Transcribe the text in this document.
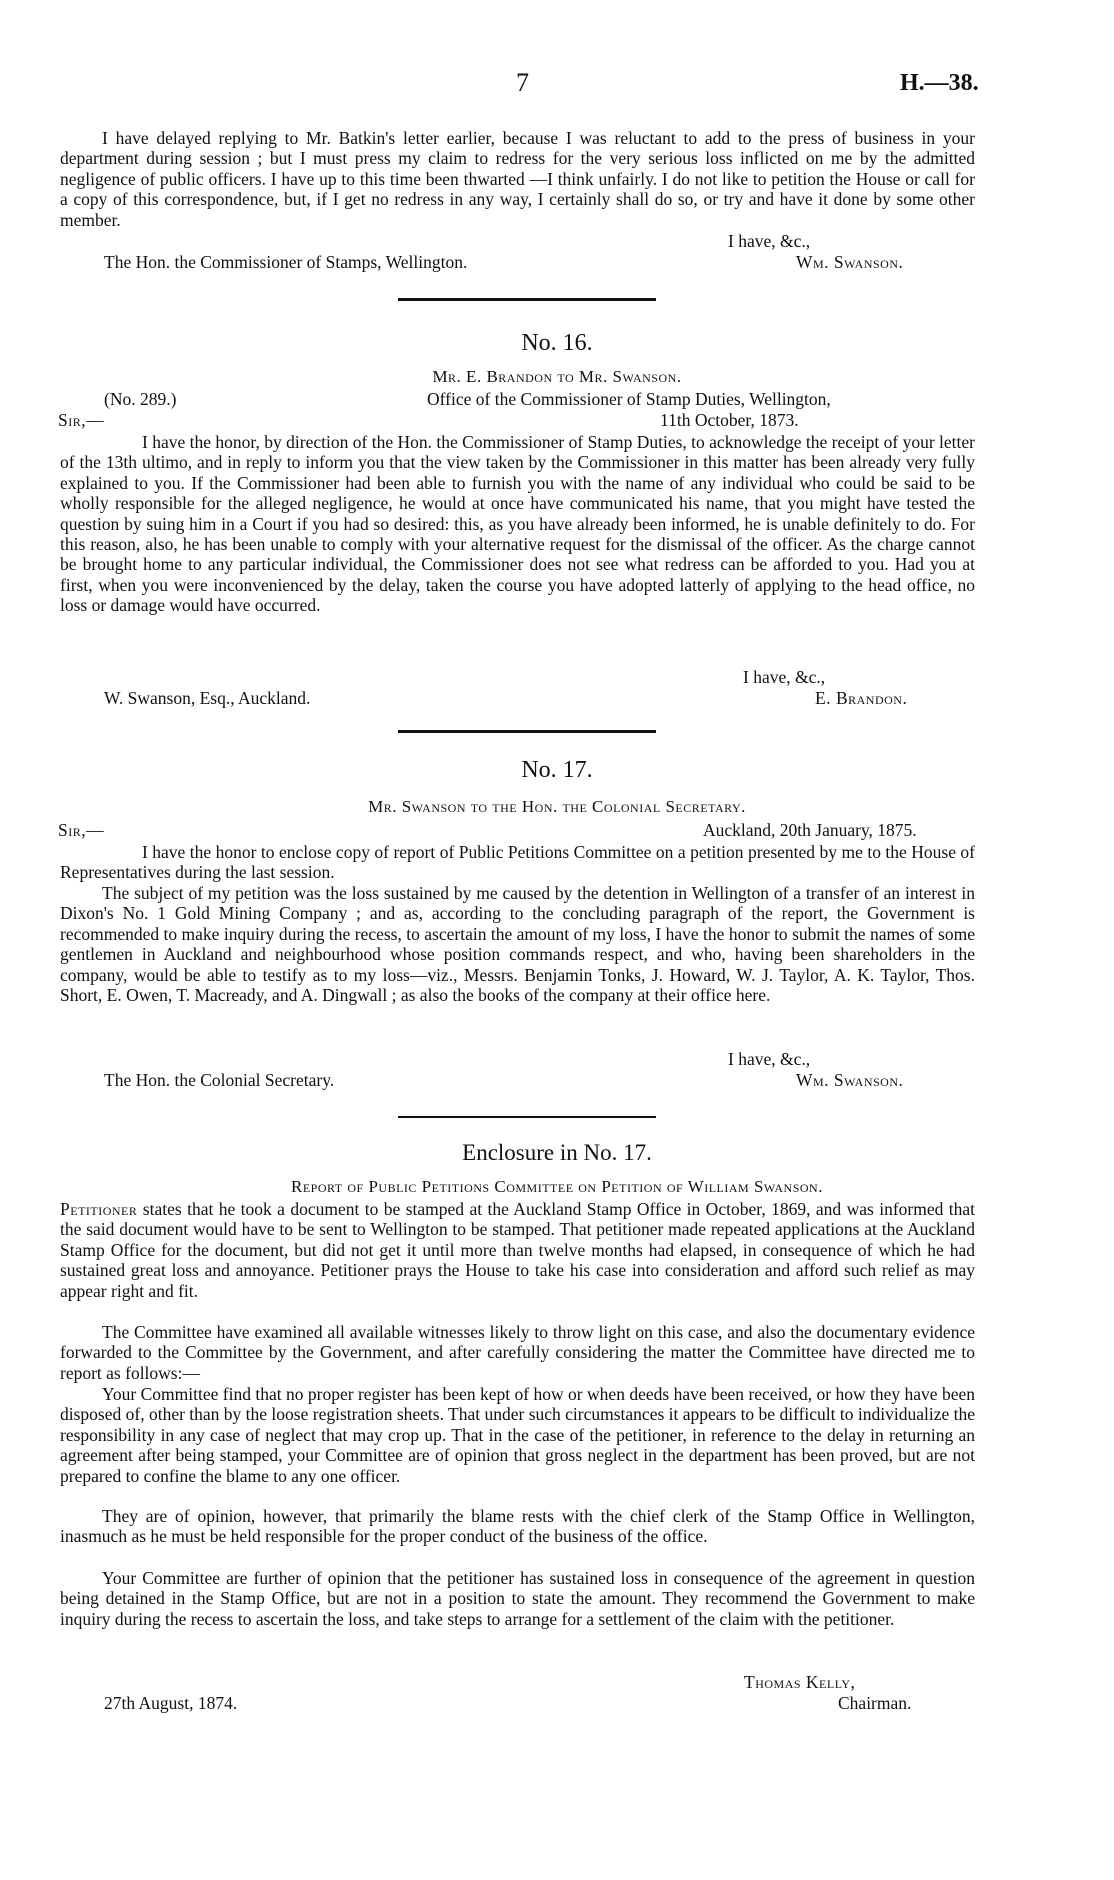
7	H.—38.
I have delayed replying to Mr. Batkin's letter earlier, because I was reluctant to add to the press of business in your department during session ; but I must press my claim to redress for the very serious loss inflicted on me by the admitted negligence of public officers. I have up to this time been thwarted —I think unfairly. I do not like to petition the House or call for a copy of this correspondence, but, if I get no redress in any way, I certainly shall do so, or try and have it done by some other member.
I have, &c.,
The Hon. the Commissioner of Stamps, Wellington.	Wm. Swanson.
No. 16.
Mr. E. Brandon to Mr. Swanson.
(No. 289.)	Office of the Commissioner of Stamp Duties, Wellington,
Sir,—	11th October, 1873.
I have the honor, by direction of the Hon. the Commissioner of Stamp Duties, to acknowledge the receipt of your letter of the 13th ultimo, and in reply to inform you that the view taken by the Commissioner in this matter has been already very fully explained to you. If the Commissioner had been able to furnish you with the name of any individual who could be said to be wholly responsible for the alleged negligence, he would at once have communicated his name, that you might have tested the question by suing him in a Court if you had so desired: this, as you have already been informed, he is unable definitely to do. For this reason, also, he has been unable to comply with your alternative request for the dismissal of the officer. As the charge cannot be brought home to any particular individual, the Commissioner does not see what redress can be afforded to you. Had you at first, when you were inconvenienced by the delay, taken the course you have adopted latterly of applying to the head office, no loss or damage would have occurred.
I have, &c.,
W. Swanson, Esq., Auckland.	E. Brandon.
No. 17.
Mr. Swanson to the Hon. the Colonial Secretary.
Sir,—	Auckland, 20th January, 1875.
I have the honor to enclose copy of report of Public Petitions Committee on a petition presented by me to the House of Representatives during the last session.
The subject of my petition was the loss sustained by me caused by the detention in Wellington of a transfer of an interest in Dixon's No. 1 Gold Mining Company ; and as, according to the concluding paragraph of the report, the Government is recommended to make inquiry during the recess, to ascertain the amount of my loss, I have the honor to submit the names of some gentlemen in Auckland and neighbourhood whose position commands respect, and who, having been shareholders in the company, would be able to testify as to my loss—viz., Messrs. Benjamin Tonks, J. Howard, W. J. Taylor, A. K. Taylor, Thos. Short, E. Owen, T. Macready, and A. Dingwall ; as also the books of the company at their office here.
I have, &c.,
The Hon. the Colonial Secretary.	Wm. Swanson.
Enclosure in No. 17.
Report of Public Petitions Committee on Petition of William Swanson.
Petitioner states that he took a document to be stamped at the Auckland Stamp Office in October, 1869, and was informed that the said document would have to be sent to Wellington to be stamped. That petitioner made repeated applications at the Auckland Stamp Office for the document, but did not get it until more than twelve months had elapsed, in consequence of which he had sustained great loss and annoyance. Petitioner prays the House to take his case into consideration and afford such relief as may appear right and fit.
The Committee have examined all available witnesses likely to throw light on this case, and also the documentary evidence forwarded to the Committee by the Government, and after carefully considering the matter the Committee have directed me to report as follows:—
Your Committee find that no proper register has been kept of how or when deeds have been received, or how they have been disposed of, other than by the loose registration sheets. That under such circumstances it appears to be difficult to individualize the responsibility in any case of neglect that may crop up. That in the case of the petitioner, in reference to the delay in returning an agreement after being stamped, your Committee are of opinion that gross neglect in the department has been proved, but are not prepared to confine the blame to any one officer.
They are of opinion, however, that primarily the blame rests with the chief clerk of the Stamp Office in Wellington, inasmuch as he must be held responsible for the proper conduct of the business of the office.
Your Committee are further of opinion that the petitioner has sustained loss in consequence of the agreement in question being detained in the Stamp Office, but are not in a position to state the amount. They recommend the Government to make inquiry during the recess to ascertain the loss, and take steps to arrange for a settlement of the claim with the petitioner.
Thomas Kelly,
Chairman.
27th August, 1874.
